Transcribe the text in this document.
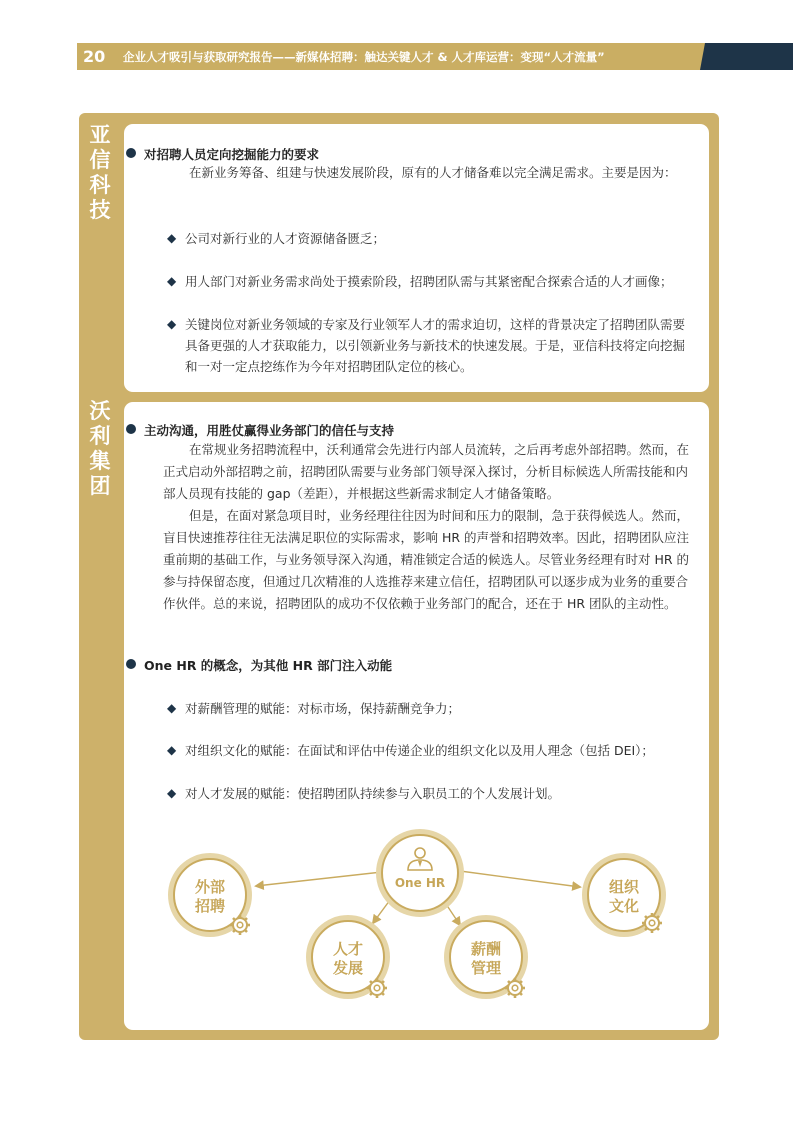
20	企业人才吸引与获取研究报告——新媒体招聘：触达关键人才 & 人才库运营：变现“人才流量”
亚
信
科
技
沃
利
集
团
对招聘人员定向挖掘能力的要求
在新业务筹备、组建与快速发展阶段，原有的人才储备难以完全满足需求。主要是因为：
◆ 公司对新行业的人才资源储备匮乏；
◆ 用人部门对新业务需求尚处于摸索阶段，招聘团队需与其紧密配合探索合适的人才画像；
◆ 关键岗位对新业务领域的专家及行业领军人才的需求迫切，这样的背景决定了招聘团队需要具备更强的人才获取能力，以引领新业务与新技术的快速发展。于是，亚信科技将定向挖掘和一对一定点挖练作为今年对招聘团队定位的核心。
主动沟通，用胜仗赢得业务部门的信任与支持
在常规业务招聘流程中，沃利通常会先进行内部人员流转，之后再考虑外部招聘。然而，在正式启动外部招聘之前，招聘团队需要与业务部门领导深入探讨，分析目标候选人所需技能和内部人员现有技能的 gap（差距），并根据这些新需求制定人才储备策略。
但是，在面对紧急项目时，业务经理往往因为时间和压力的限制，急于获得候选人。然而，盲目快速推荐往往无法满足职位的实际需求，影响 HR 的声誉和招聘效率。因此，招聘团队应注重前期的基础工作，与业务领导深入沟通，精准锁定合适的候选人。尽管业务经理有时对 HR 的参与持保留态度，但通过几次精准的人选推荐来建立信任，招聘团队可以逐步成为业务的重要合作伙伴。总的来说，招聘团队的成功不仅依赖于业务部门的配合，还在于 HR 团队的主动性。
One HR 的概念，为其他 HR 部门注入动能
◆ 对薪酬管理的赋能：对标市场，保持薪酬竞争力；
◆ 对组织文化的赋能：在面试和评估中传递企业的组织文化以及用人理念（包括 DEI）；
◆ 对人才发展的赋能：使招聘团队持续参与入职员工的个人发展计划。
One HR
外部
招聘
人才
发展
薪酬
管理
组织
文化
